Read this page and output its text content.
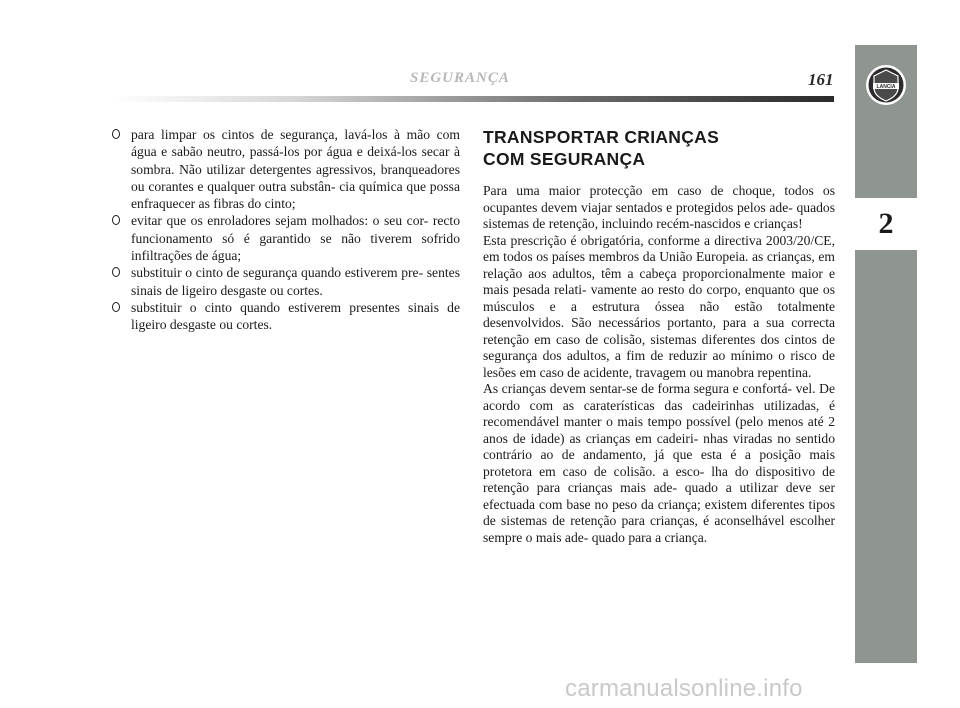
SEGURANÇA	161	LANCIA
2
para limpar os cintos de segurança, lavá-los à mão com água e sabão neutro, passá-los por água e deixá-los secar à sombra. Não utilizar detergentes agressivos, branqueadores ou corantes e qualquer outra substân- cia química que possa enfraquecer as fibras do cinto;
evitar que os enroladores sejam molhados: o seu cor- recto funcionamento só é garantido se não tiverem sofrido infiltrações de água;
substituir o cinto de segurança quando estiverem pre- sentes sinais de ligeiro desgaste ou cortes.
substituir o cinto quando estiverem presentes sinais de ligeiro desgaste ou cortes.
TRANSPORTAR CRIANÇAS
COM SEGURANÇA

Para uma maior protecção em caso de choque, todos os ocupantes devem viajar sentados e protegidos pelos ade- quados sistemas de retenção, incluindo recém-nascidos e crianças!

Esta prescrição é obrigatória, conforme a directiva 2003/20/CE, em todos os países membros da União Europeia. as crianças, em relação aos adultos, têm a cabeça proporcionalmente maior e mais pesada relati- vamente ao resto do corpo, enquanto que os músculos e a estrutura óssea não estão totalmente desenvolvidos. São necessários portanto, para a sua correcta retenção em caso de colisão, sistemas diferentes dos cintos de segurança dos adultos, a fim de reduzir ao mínimo o risco de lesões em caso de acidente, travagem ou manobra repentina.

As crianças devem sentar-se de forma segura e confortá- vel. De acordo com as caraterísticas das cadeirinhas utilizadas, é recomendável manter o mais tempo possível (pelo menos até 2 anos de idade) as crianças em cadeiri- nhas viradas no sentido contrário ao de andamento, já que esta é a posição mais protetora em caso de colisão. a esco- lha do dispositivo de retenção para crianças mais ade- quado a utilizar deve ser efectuada com base no peso da criança; existem diferentes tipos de sistemas de retenção para crianças, é aconselhável escolher sempre o mais ade- quado para a criança.

carmanualsonline.info
